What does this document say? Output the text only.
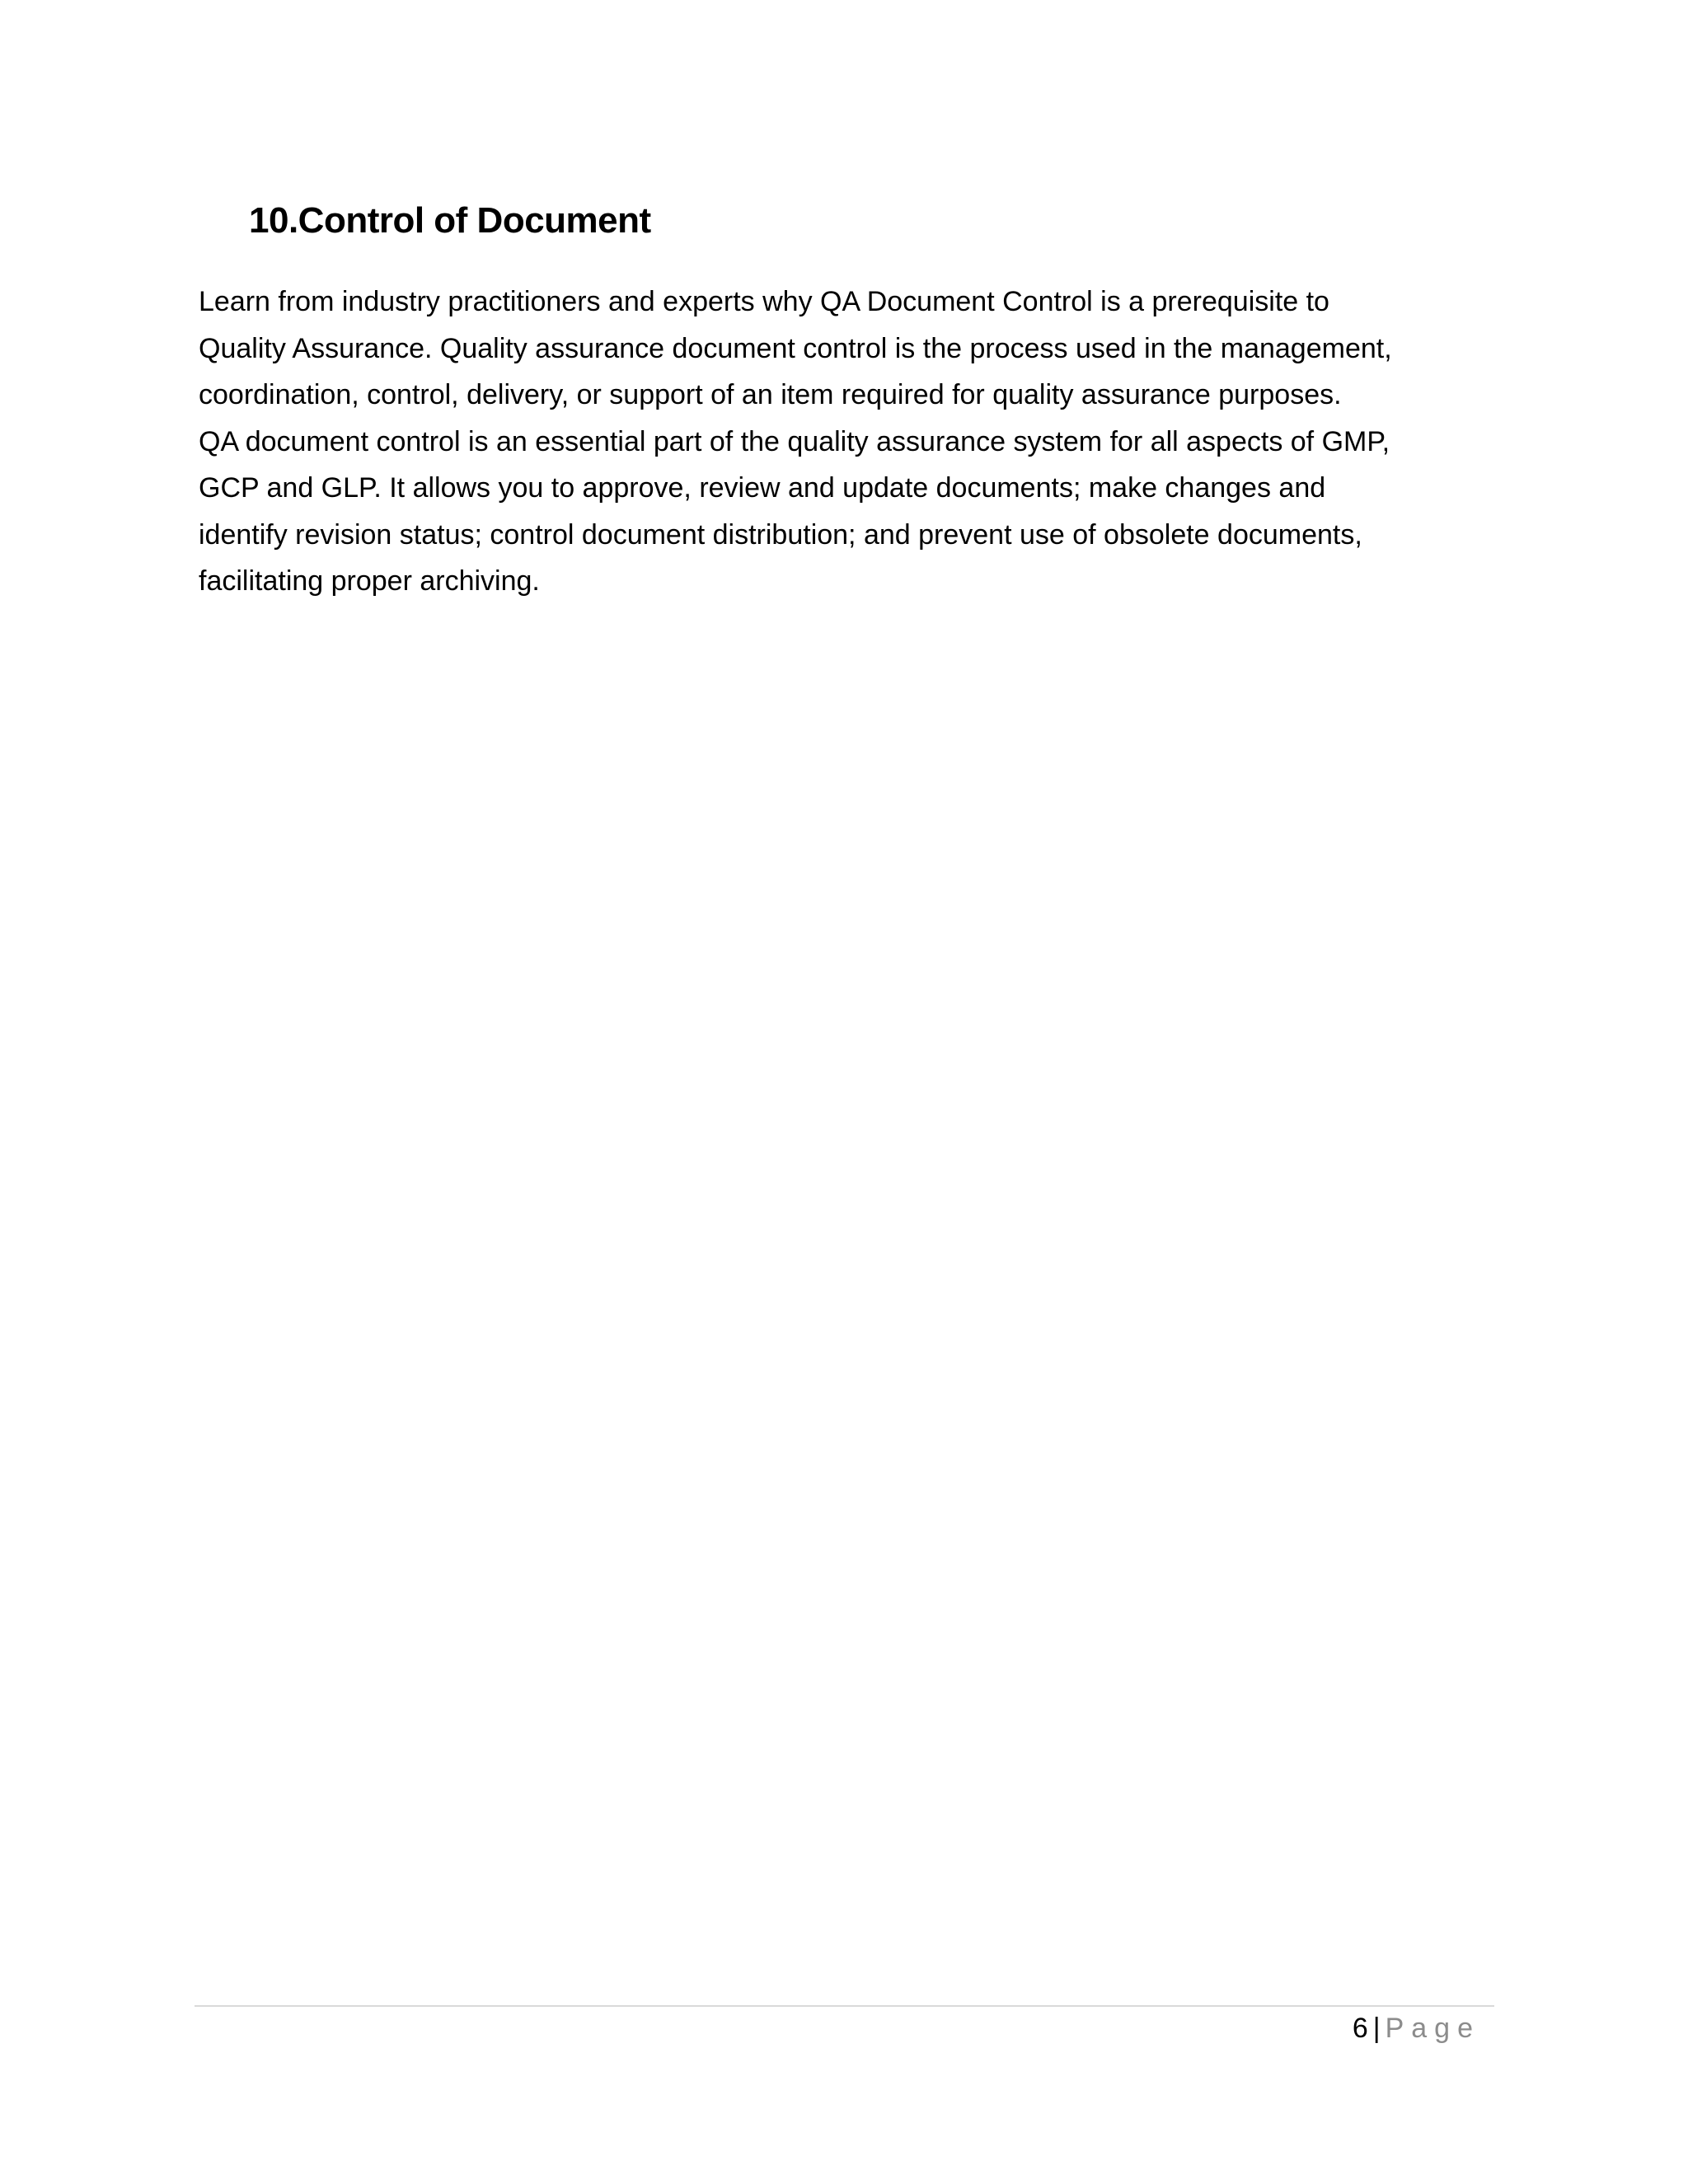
10.Control of Document
Learn from industry practitioners and experts why QA Document Control is a prerequisite to
Quality Assurance. Quality assurance document control is the process used in the management,
coordination, control, delivery, or support of an item required for quality assurance purposes.
QA document control is an essential part of the quality assurance system for all aspects of GMP,
GCP and GLP. It allows you to approve, review and update documents; make changes and
identify revision status; control document distribution; and prevent use of obsolete documents,
facilitating proper archiving.
6 | Page
